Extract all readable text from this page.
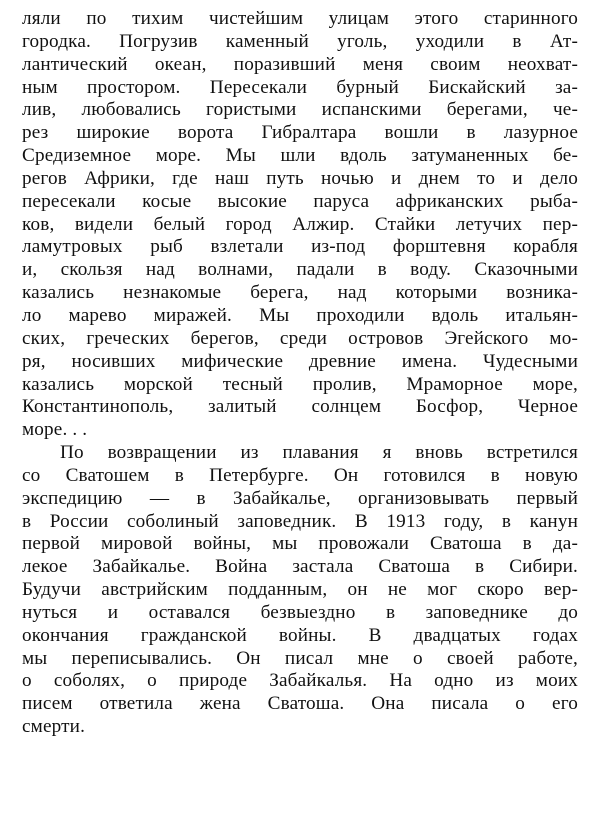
ляли по тихим чистейшим улицам этого старинного
городка. Погрузив каменный уголь, уходили в Ат-
лантический океан, поразивший меня своим неохват-
ным простором. Пересекали бурный Бискайский за-
лив, любовались гористыми испанскими берегами, че-
рез широкие ворота Гибралтара вошли в лазурное
Средиземное море. Мы шли вдоль затуманенных бе-
регов Африки, где наш путь ночью и днем то и дело
пересекали косые высокие паруса африканских рыба-
ков, видели белый город Алжир. Стайки летучих пер-
ламутровых рыб взлетали из-под форштевня корабля
и, скользя над волнами, падали в воду. Сказочными
казались незнакомые берега, над которыми возника-
ло марево миражей. Мы проходили вдоль итальян-
ских, греческих берегов, среди островов Эгейского мо-
ря, носивших мифические древние имена. Чудесными
казались морской тесный пролив, Мраморное море,
Константинополь, залитый солнцем Босфор, Черное
море. . .
По возвращении из плавания я вновь встретился
со Сватошем в Петербурге. Он готовился в новую
экспедицию — в Забайкалье, организовывать первый
в России соболиный заповедник. В 1913 году, в канун
первой мировой войны, мы провожали Сватоша в да-
лекое Забайкалье. Война застала Сватоша в Сибири.
Будучи австрийским подданным, он не мог скоро вер-
нуться и оставался безвыездно в заповеднике до
окончания гражданской войны. В двадцатых годах
мы переписывались. Он писал мне о своей работе,
о соболях, о природе Забайкалья. На одно из моих
писем ответила жена Сватоша. Она писала о его
смерти.
